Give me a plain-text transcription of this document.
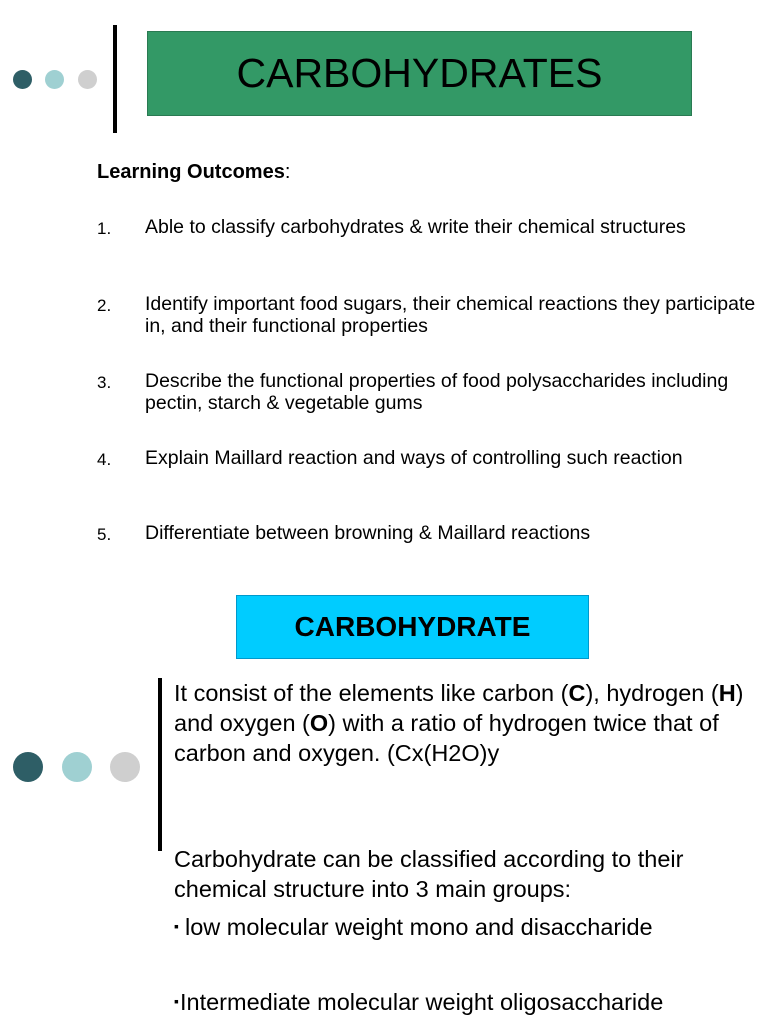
CARBOHYDRATES
Learning Outcomes:
1.	Able to classify carbohydrates & write their chemical structures
2.	Identify important food sugars, their chemical reactions they participate in, and their functional properties
3.	Describe the functional properties of food polysaccharides including pectin, starch & vegetable gums
4.	Explain Maillard reaction and ways of controlling such reaction
5.	Differentiate between browning & Maillard reactions
CARBOHYDRATE
It consist of the elements like carbon (C), hydrogen (H) and oxygen (O) with a ratio of hydrogen twice that of carbon and oxygen. (Cx(H2O)y
Carbohydrate can be classified according to their chemical structure into 3 main groups:
▪ low molecular weight mono and disaccharide
▪Intermediate molecular weight oligosaccharide
